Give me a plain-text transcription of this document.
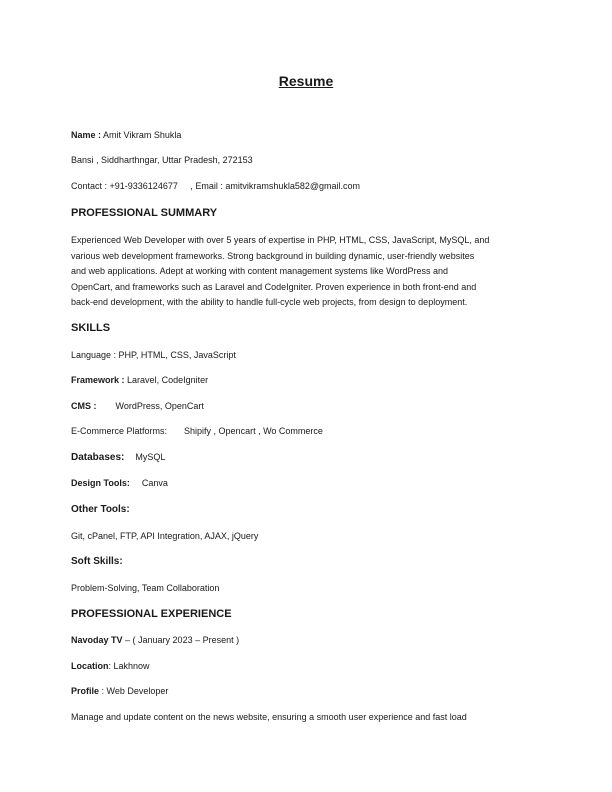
Resume

Name : Amit Vikram Shukla

Bansi , Siddharthngar, Uttar Pradesh, 272153

Contact : +91-9336124677     , Email : amitvikramshukla582@gmail.com

PROFESSIONAL SUMMARY

Experienced Web Developer with over 5 years of expertise in PHP, HTML, CSS, JavaScript, MySQL, and
various web development frameworks. Strong background in building dynamic, user-friendly websites
and web applications. Adept at working with content management systems like WordPress and
OpenCart, and frameworks such as Laravel and CodeIgniter. Proven experience in both front-end and
back-end development, with the ability to handle full-cycle web projects, from design to deployment.

SKILLS

Language : PHP, HTML, CSS, JavaScript

Framework : Laravel, CodeIgniter

CMS : WordPress, OpenCart

E-Commerce Platforms: Shipify , Opencart , Wo Commerce

Databases: MySQL

Design Tools: Canva

Other Tools:

Git, cPanel, FTP, API Integration, AJAX, jQuery

Soft Skills:

Problem-Solving, Team Collaboration

PROFESSIONAL EXPERIENCE

Navoday TV – ( January 2023 – Present )

Location: Lakhnow

Profile : Web Developer

Manage and update content on the news website, ensuring a smooth user experience and fast load
